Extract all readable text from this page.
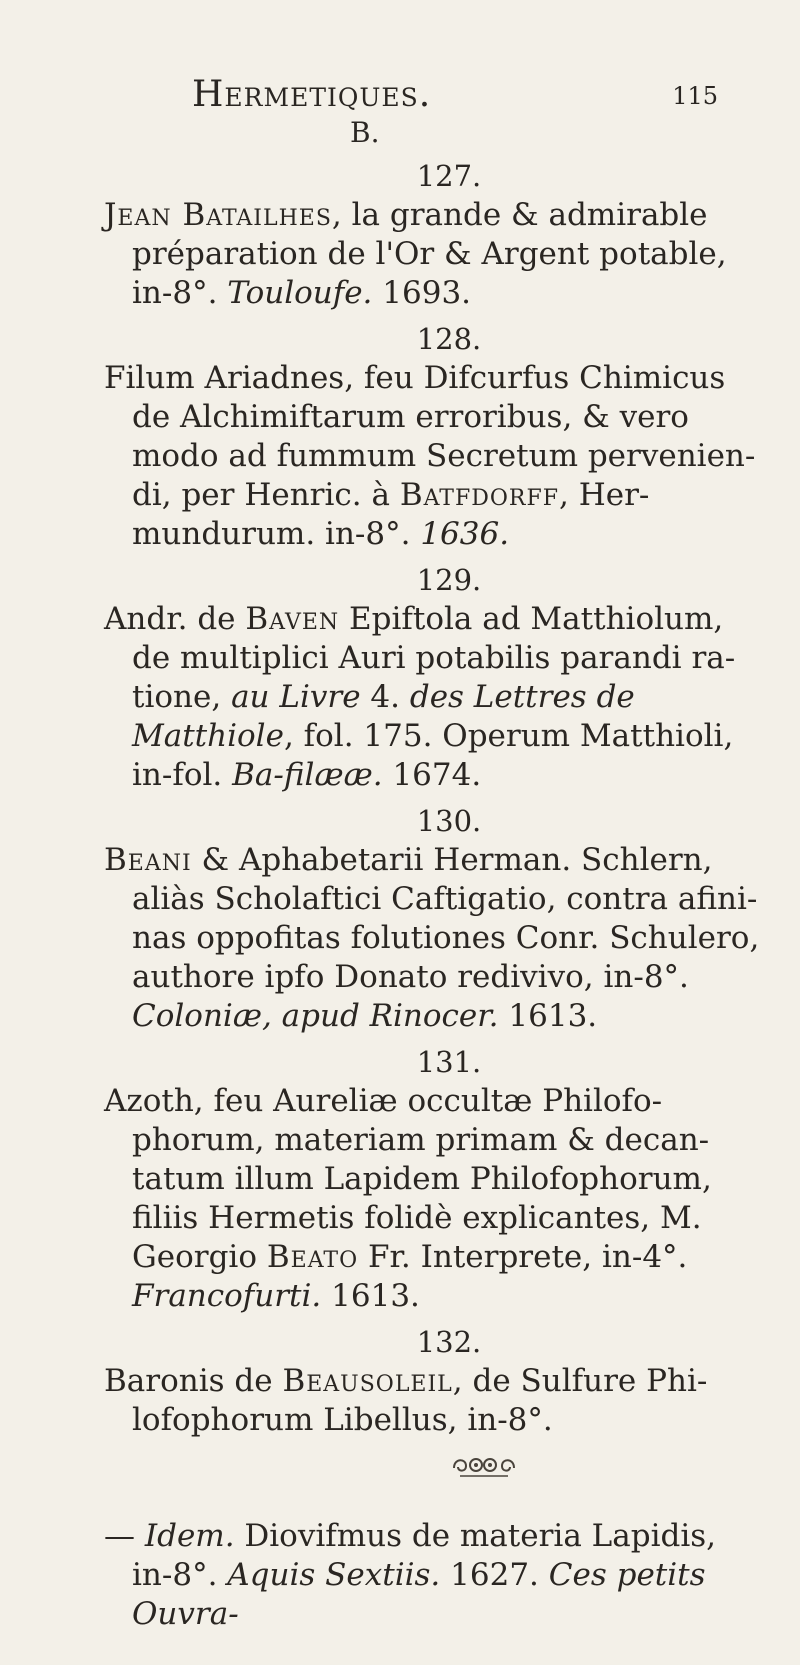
Hermetiques.	115
B.
127.

Jean Batailhes, la grande & admirable préparation de l'Or & Argent potable, in-8°. Touloufe. 1693.

128.

Filum Ariadnes, feu Difcurfus Chimicus de Alchimiftarum erroribus, & vero modo ad fummum Secretum pervenien-di, per Henric. à Batfdorff, Her-mundurum. in-8°. 1636.

129.

Andr. de Baven Epiftola ad Matthiolum, de multiplici Auri potabilis parandi ra-tione, au Livre 4. des Lettres de Matthiole, fol. 175. Operum Matthioli, in-fol. Ba-filææ. 1674.

130.

Beani & Aphabetarii Herman. Schlern, aliàs Scholaftici Caftigatio, contra afini-nas oppofitas folutiones Conr. Schulero, authore ipfo Donato redivivo, in-8°. Coloniæ, apud Rinocer. 1613.

131.

Azoth, feu Aureliæ occultæ Philofo-phorum, materiam primam & decan-tatum illum Lapidem Philofophorum, filiis Hermetis folidè explicantes, M. Georgio Beato Fr. Interprete, in-4°. Francofurti. 1613.

132.

Baronis de Beausoleil, de Sulfure Phi-lofophorum Libellus, in-8°.

— Idem. Diovifmus de materia Lapidis, in-8°. Aquis Sextiis. 1627. Ces petits Ouvra-
